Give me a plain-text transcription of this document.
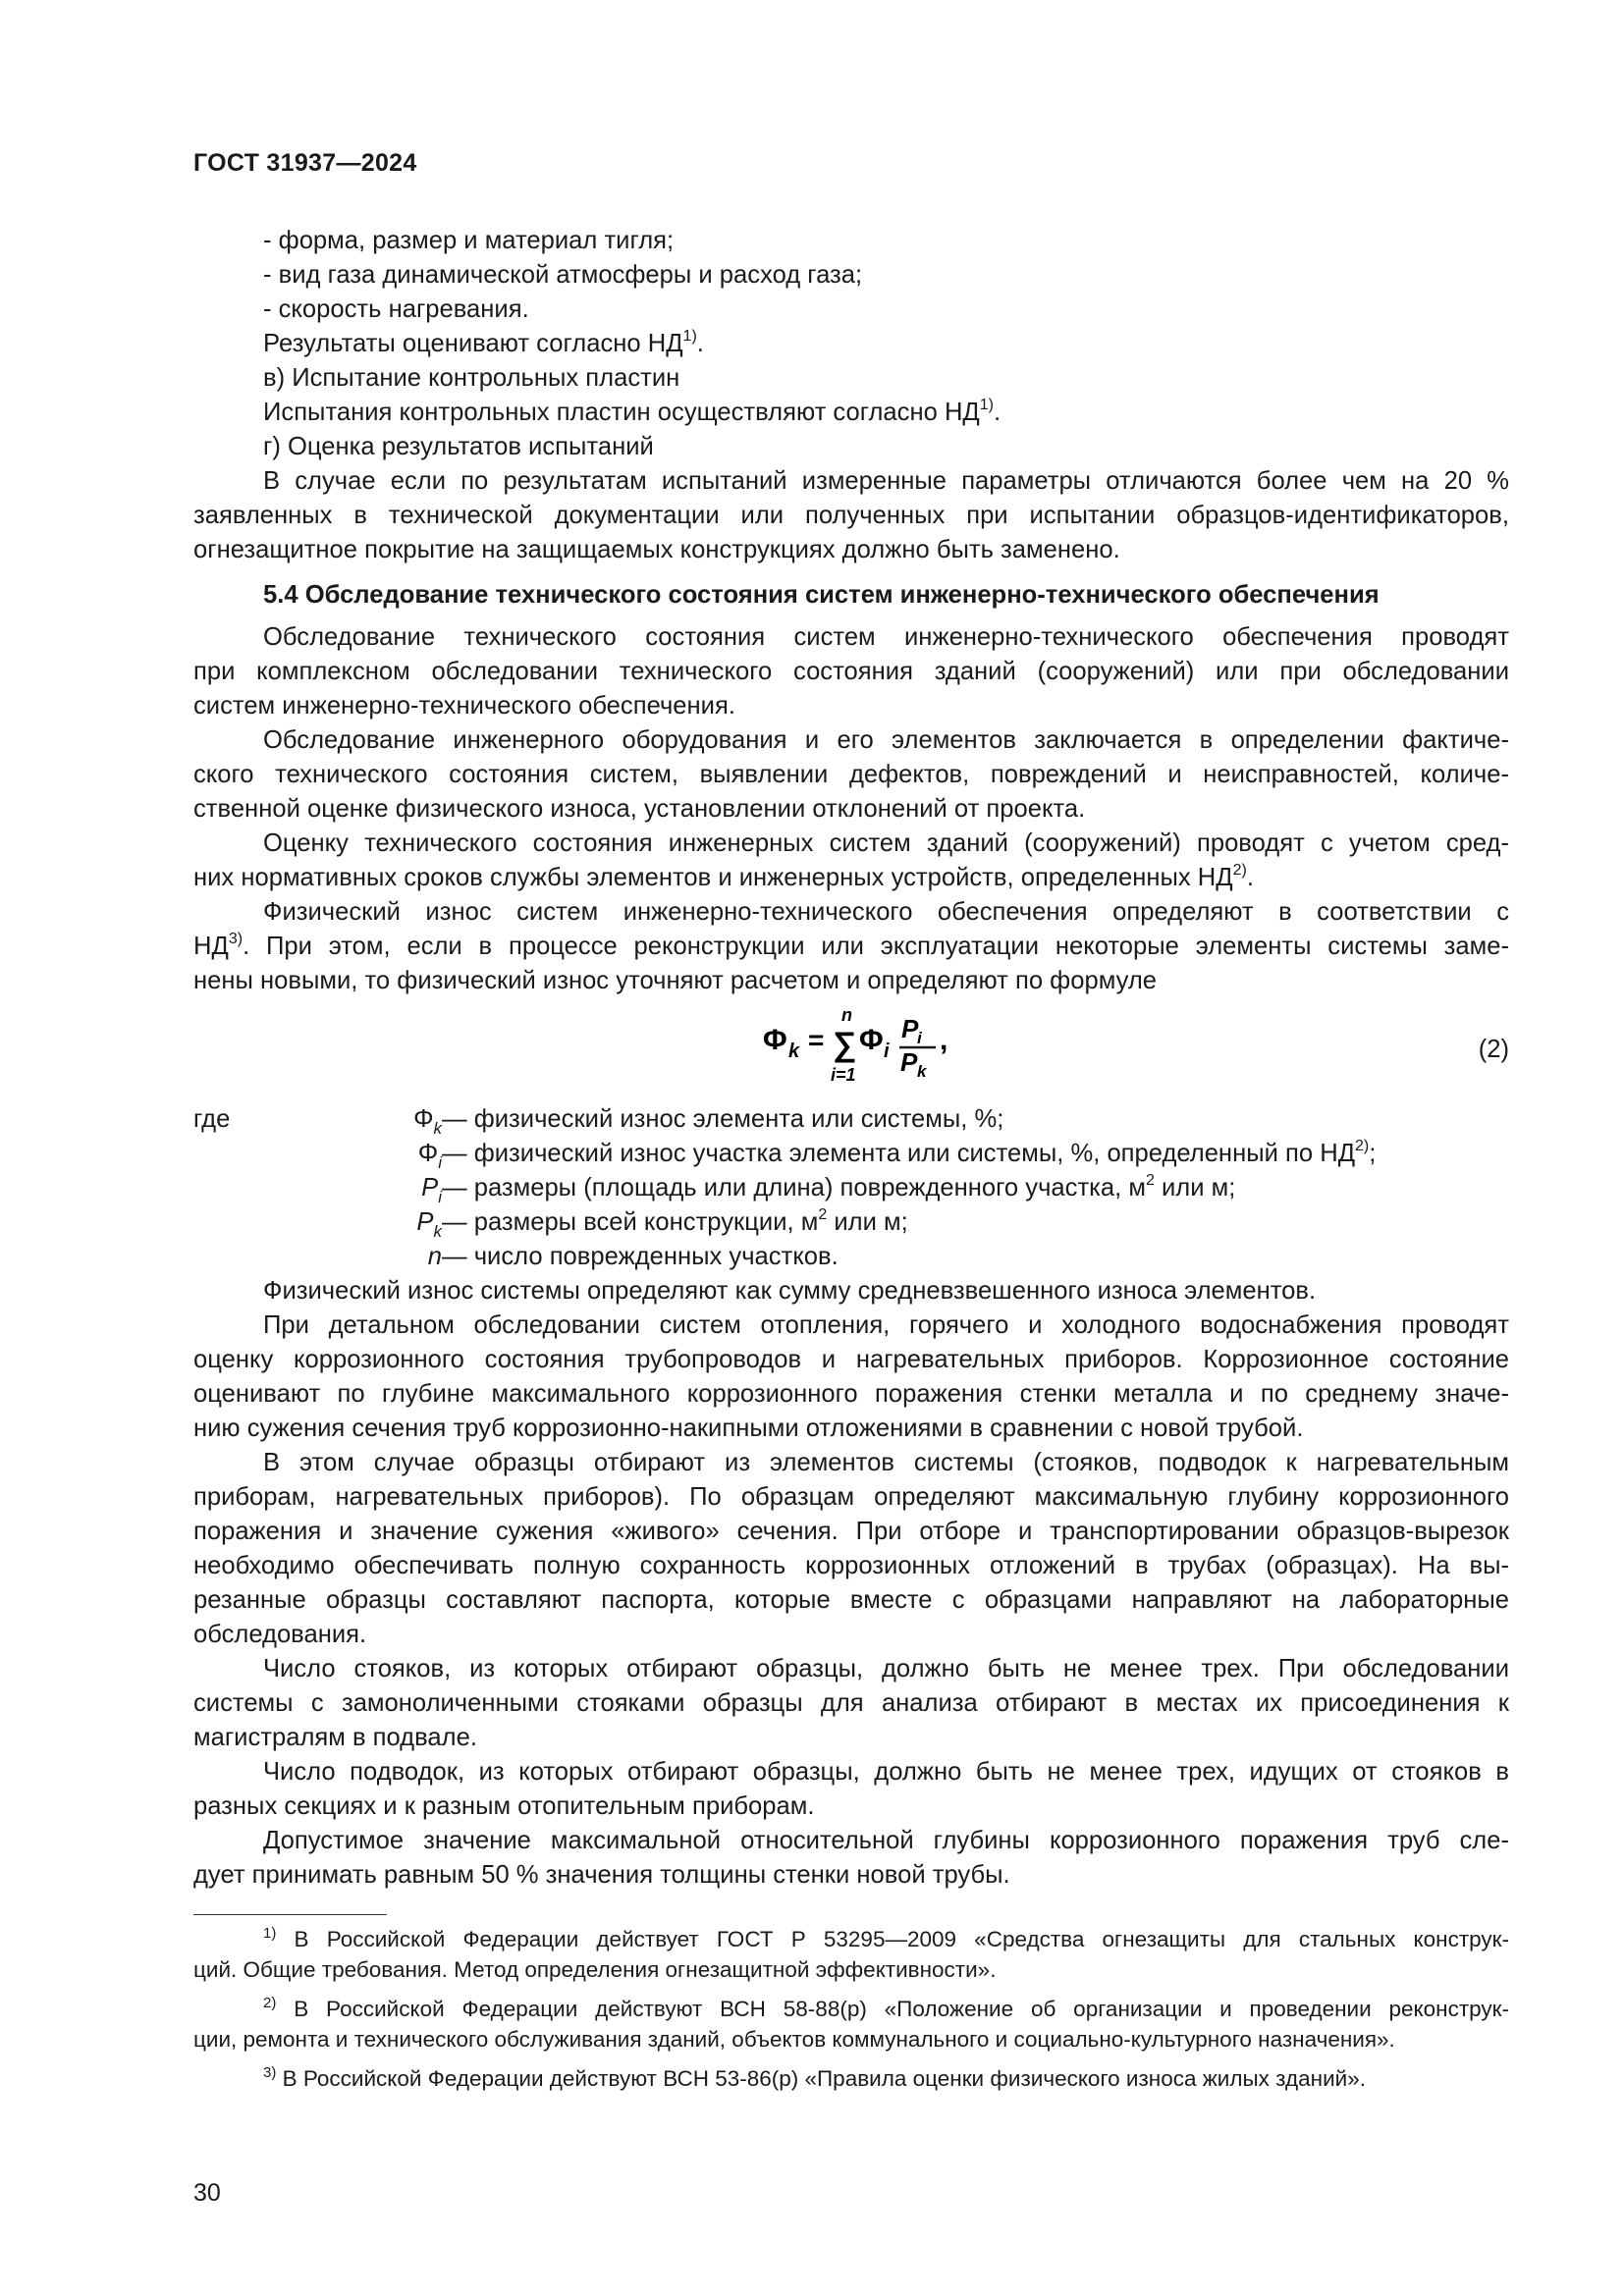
ГОСТ 31937—2024
- форма, размер и материал тигля;
- вид газа динамической атмосферы и расход газа;
- скорость нагревания.
Результаты оценивают согласно НД$^{1)}$.
в) Испытание контрольных пластин
Испытания контрольных пластин осуществляют согласно НД$^{1)}$.
г) Оценка результатов испытаний
В случае если по результатам испытаний измеренные параметры отличаются более чем на 20 %
заявленных в технической документации или полученных при испытании образцов-идентификаторов,
огнезащитное покрытие на защищаемых конструкциях должно быть заменено.
5.4 Обследование технического состояния систем инженерно-технического обеспечения
Обследование технического состояния систем инженерно-технического обеспечения проводят
при комплексном обследовании технического состояния зданий (сооружений) или при обследовании
систем инженерно-технического обеспечения.
Обследование инженерного оборудования и его элементов заключается в определении фактиче-
ского технического состояния систем, выявлении дефектов, повреждений и неисправностей, количе-
ственной оценке физического износа, установлении отклонений от проекта.
Оценку технического состояния инженерных систем зданий (сооружений) проводят с учетом сред-
них нормативных сроков службы элементов и инженерных устройств, определенных НД$^{2)}$.
Физический износ систем инженерно-технического обеспечения определяют в соответствии с
НД$^{3)}$. При этом, если в процессе реконструкции или эксплуатации некоторые элементы системы заме-
нены новыми, то физический износ уточняют расчетом и определяют по формуле
Φ k = ∑
n
i=1
Φ i
P
i
P k
,	(2)
где	$\Phi_k$ — физический износ элемента или системы, %;
$\Phi_i$ — физический износ участка элемента или системы, %, определенный по НД$^{2)}$;
$P_i$ — размеры (площадь или длина) поврежденного участка, $м^2$ или м;
$P_k$ — размеры всей конструкции, $м^2$ или м;
n — число поврежденных участков.
Физический износ системы определяют как сумму средневзвешенного износа элементов.
При детальном обследовании систем отопления, горячего и холодного водоснабжения проводят
оценку коррозионного состояния трубопроводов и нагревательных приборов. Коррозионное состояние
оценивают по глубине максимального коррозионного поражения стенки металла и по среднему значе-
нию сужения сечения труб коррозионно-накипными отложениями в сравнении с новой трубой.
В этом случае образцы отбирают из элементов системы (стояков, подводок к нагревательным
приборам, нагревательных приборов). По образцам определяют максимальную глубину коррозионного
поражения и значение сужения «живого» сечения. При отборе и транспортировании образцов-вырезок
необходимо обеспечивать полную сохранность коррозионных отложений в трубах (образцах). На вы-
резанные образцы составляют паспорта, которые вместе с образцами направляют на лабораторные
обследования.
Число стояков, из которых отбирают образцы, должно быть не менее трех. При обследовании
системы с замоноличенными стояками образцы для анализа отбирают в местах их присоединения к
магистралям в подвале.
Число подводок, из которых отбирают образцы, должно быть не менее трех, идущих от стояков в
разных секциях и к разным отопительным приборам.
Допустимое значение максимальной относительной глубины коррозионного поражения труб сле-
дует принимать равным 50 % значения толщины стенки новой трубы.
$^{1)}$ В Российской Федерации действует ГОСТ Р 53295—2009 «Средства огнезащиты для стальных конструк-
ций. Общие требования. Метод определения огнезащитной эффективности».
$^{2)}$ В Российской Федерации действуют ВСН 58-88(р) «Положение об организации и проведении реконструк-
ции, ремонта и технического обслуживания зданий, объектов коммунального и социально-культурного назначения».
$^{3)}$ В Российской Федерации действуют ВСН 53-86(р) «Правила оценки физического износа жилых зданий».
30
